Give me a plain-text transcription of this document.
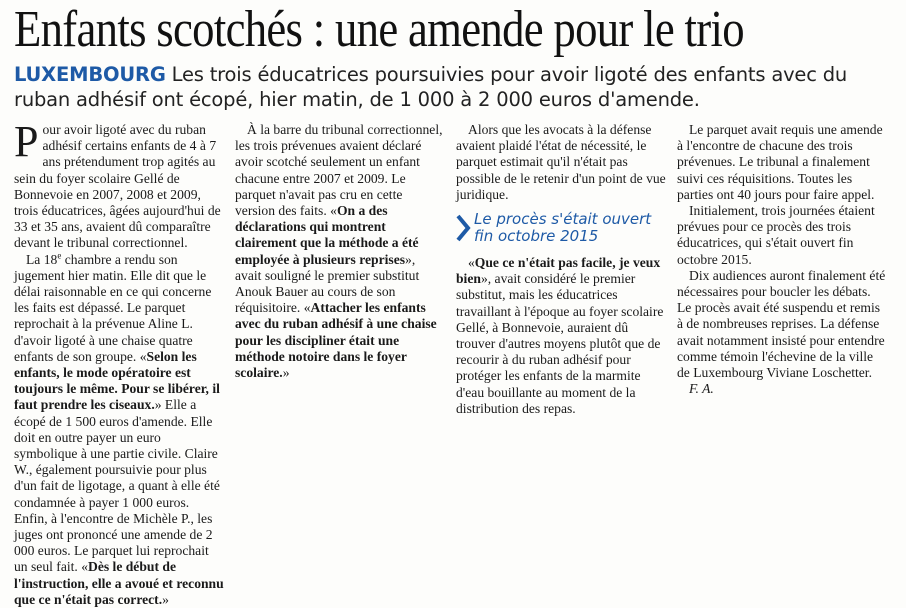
Enfants scotchés : une amende pour le trio
LUXEMBOURG Les trois éducatrices poursuivies pour avoir ligoté des enfants avec du ruban adhésif ont écopé, hier matin, de 1 000 à 2 000 euros d'amende.

Pour avoir ligoté avec du ruban adhésif certains enfants de 4 à 7 ans prétendument trop agités au sein du foyer scolaire Gellé de Bonnevoie en 2007, 2008 et 2009, trois éducatrices, âgées aujourd'hui de 33 et 35 ans, avaient dû comparaître devant le tribunal correctionnel.

La 18e chambre a rendu son jugement hier matin. Elle dit que le délai raisonnable en ce qui concerne les faits est dépassé. Le parquet reprochait à la prévenue Aline L. d'avoir ligoté à une chaise quatre enfants de son groupe. «Selon les enfants, le mode opératoire est toujours le même. Pour se libérer, il faut prendre les ciseaux.» Elle a écopé de 1 500 euros d'amende. Elle doit en outre payer un euro symbolique à une partie civile. Claire W., également poursuivie pour plus d'un fait de ligotage, a quant à elle été condamnée à payer 1 000 euros. Enfin, à l'encontre de Michèle P., les juges ont prononcé une amende de 2 000 euros. Le parquet lui reprochait un seul fait. «Dès le début de l'instruction, elle a avoué et reconnu que ce n'était pas correct.»

À la barre du tribunal correctionnel, les trois prévenues avaient déclaré avoir scotché seulement un enfant chacune entre 2007 et 2009. Le parquet n'avait pas cru en cette version des faits. «On a des déclarations qui montrent clairement que la méthode a été employée à plusieurs reprises», avait souligné le premier substitut Anouk Bauer au cours de son réquisitoire. «Attacher les enfants avec du ruban adhésif à une chaise pour les discipliner était une méthode notoire dans le foyer scolaire.»

Alors que les avocats à la défense avaient plaidé l'état de nécessité, le parquet estimait qu'il n'était pas possible de le retenir d'un point de vue juridique.

Le procès s'était ouvert fin octobre 2015

«Que ce n'était pas facile, je veux bien», avait considéré le premier substitut, mais les éducatrices travaillant à l'époque au foyer scolaire Gellé, à Bonnevoie, auraient dû trouver d'autres moyens plutôt que de recourir à du ruban adhésif pour protéger les enfants de la marmite d'eau bouillante au moment de la distribution des repas.

Le parquet avait requis une amende à l'encontre de chacune des trois prévenues. Le tribunal a finalement suivi ces réquisitions. Toutes les parties ont 40 jours pour faire appel.

Initialement, trois journées étaient prévues pour ce procès des trois éducatrices, qui s'était ouvert fin octobre 2015.

Dix audiences auront finalement été nécessaires pour boucler les débats. Le procès avait été suspendu et remis à de nombreuses reprises. La défense avait notamment insisté pour entendre comme témoin l'échevine de la ville de Luxembourg Viviane Loschetter.

F. A.
